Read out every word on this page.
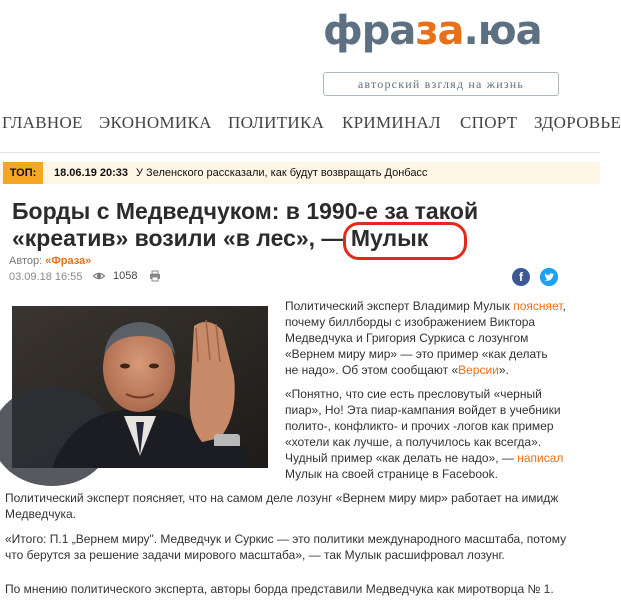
фраза.юа
авторский взгляд на жизнь
ГЛАВНОЕ ЭКОНОМИКА ПОЛИТИКА КРИМИНАЛ СПОРТ ЗДОРОВЬЕ
ТОП:	18.06.19 20:33 У Зеленского рассказали, как будут возвращать Донбасс
Борды с Медведчуком: в 1990-е за такой
«креатив» возили «в лес», — Мулык
Автор: «Фраза»
03.09.18 16:55	1058	f
Политический эксперт Владимир Мулык поясняет,
почему биллборды с изображением Виктора
Медведчука и Григория Суркиса с лозунгом
«Вернем миру мир» — это пример «как делать
не надо». Об этом сообщают «Версии».
«Понятно, что сие есть пресловутый «черный
пиар», Но! Эта пиар-кампания войдет в учебники
полито-, конфликто- и прочих -логов как пример
«хотели как лучше, а получилось как всегда».
Чудный пример «как делать не надо», — написал
Мулык на своей странице в Facebook.
Политический эксперт поясняет, что на самом деле лозунг «Вернем миру мир» работает на имидж
Медведчука.
«Итого: П.1 „Вернем миру". Медведчук и Суркис — это политики международного масштаба, потому
что берутся за решение задачи мирового масштаба», — так Мулык расшифровал лозунг.
По мнению политического эксперта, авторы борда представили Медведчука как миротворца № 1.
